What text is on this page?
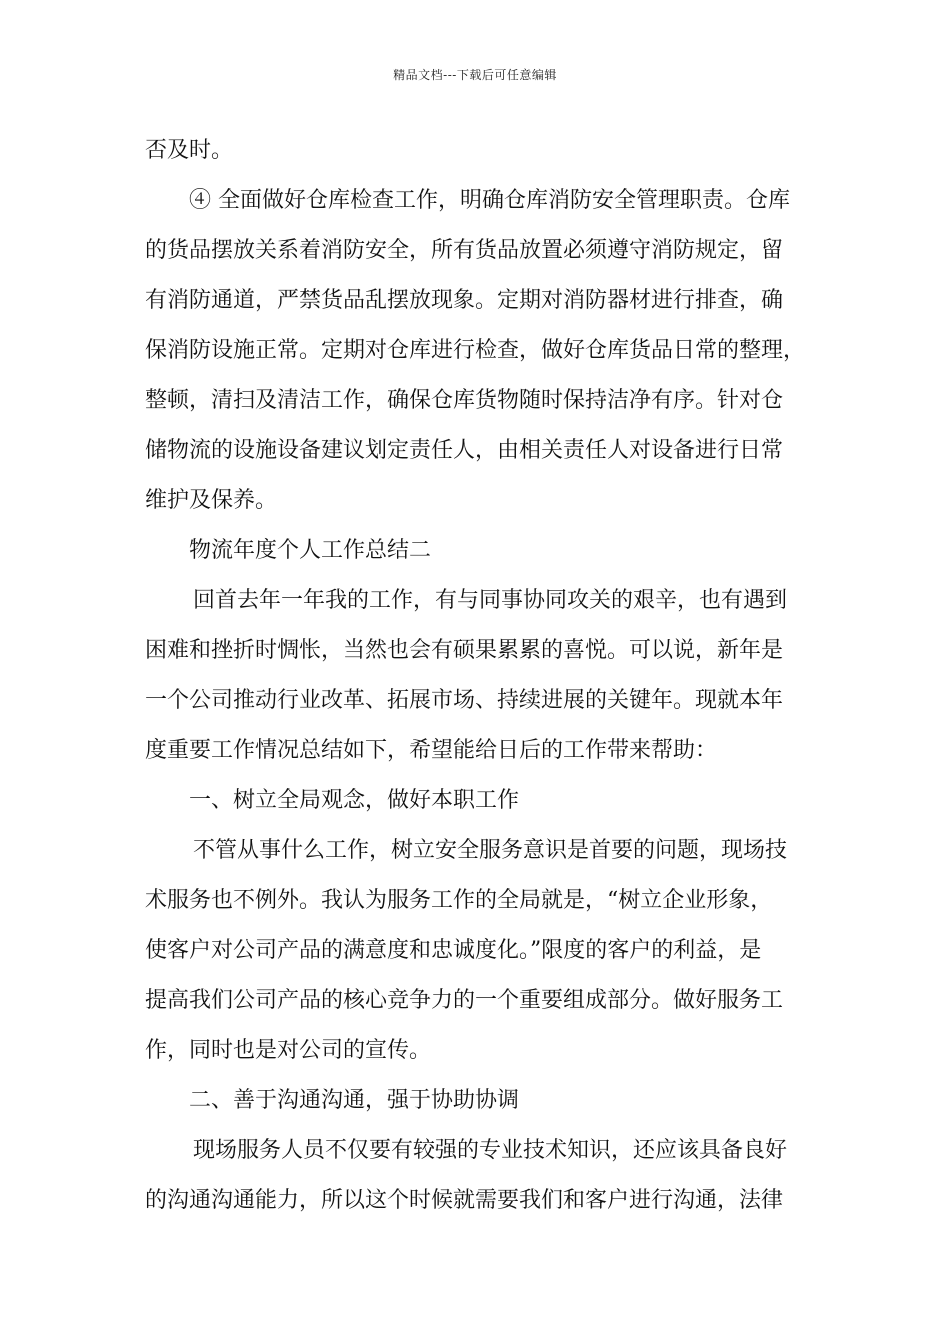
精品文档---下载后可任意编辑
否及时。
④ 全面做好仓库检查工作，明确仓库消防安全管理职责。仓库
的货品摆放关系着消防安全，所有货品放置必须遵守消防规定，留
有消防通道，严禁货品乱摆放现象。定期对消防器材进行排查，确
保消防设施正常。定期对仓库进行检查，做好仓库货品日常的整理，
整顿，清扫及清洁工作，确保仓库货物随时保持洁净有序。针对仓
储物流的设施设备建议划定责任人，由相关责任人对设备进行日常
维护及保养。
物流年度个人工作总结二
回首去年一年我的工作，有与同事协同攻关的艰辛，也有遇到
困难和挫折时惆怅，当然也会有硕果累累的喜悦。可以说，新年是
一个公司推动行业改革、拓展市场、持续进展的关键年。现就本年
度重要工作情况总结如下，希望能给日后的工作带来帮助：
一、树立全局观念，做好本职工作
不管从事什么工作，树立安全服务意识是首要的问题，现场技
术服务也不例外。我认为服务工作的全局就是，“树立企业形象，
使客户对公司产品的满意度和忠诚度化。”限度的客户的利益，是
提高我们公司产品的核心竞争力的一个重要组成部分。做好服务工
作，同时也是对公司的宣传。
二、善于沟通沟通，强于协助协调
现场服务人员不仅要有较强的专业技术知识，还应该具备良好
的沟通沟通能力，所以这个时候就需要我们和客户进行沟通，法律
